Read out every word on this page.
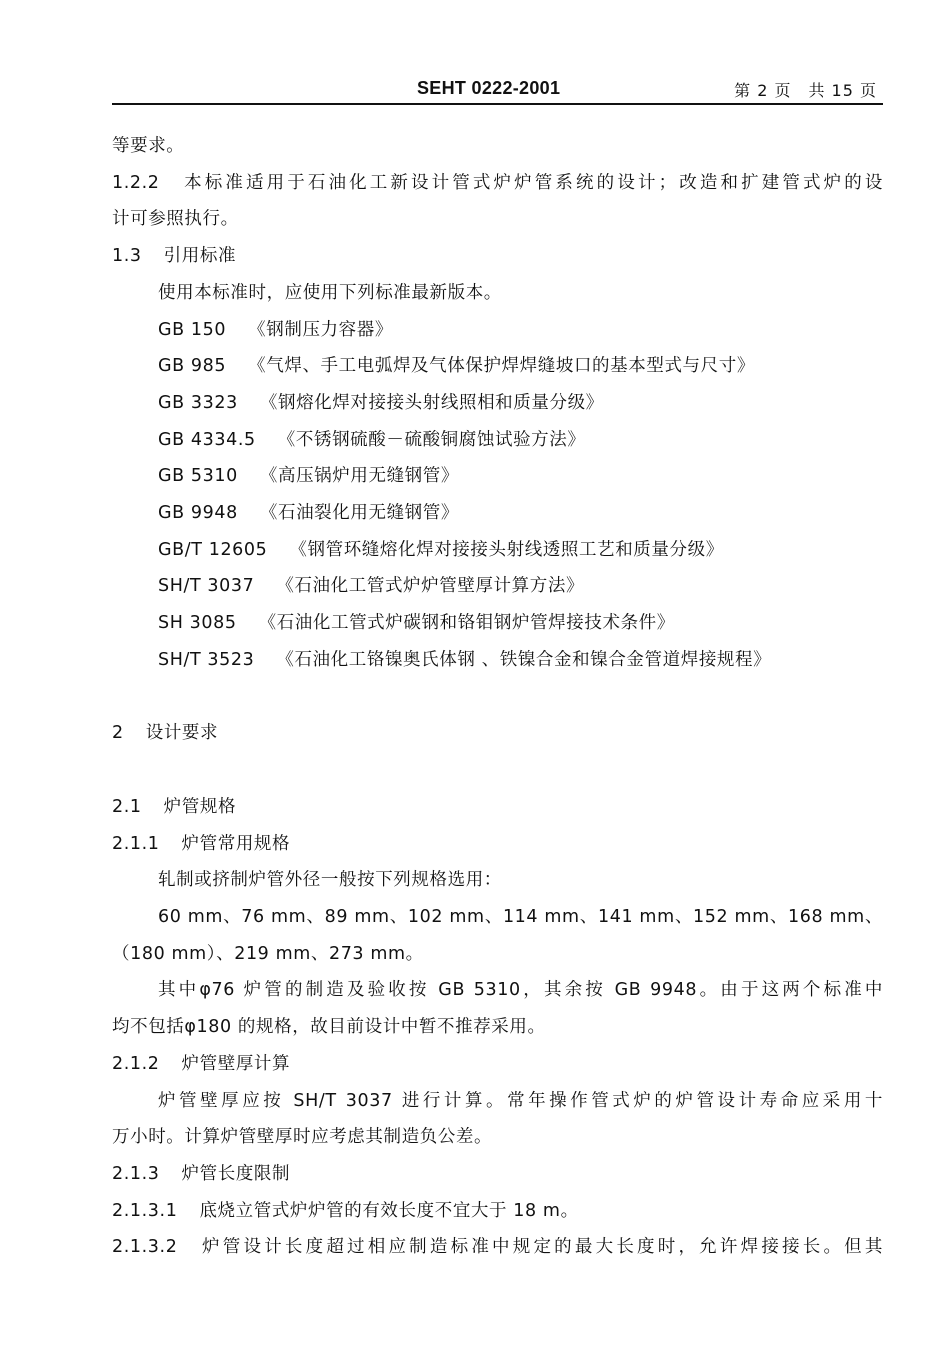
SEHT 0222-2001	第 2 页　共 15 页
等要求。
1.2.2 本标准适用于石油化工新设计管式炉炉管系统的设计；改造和扩建管式炉的设
计可参照执行。
1.3 引用标准
使用本标准时，应使用下列标准最新版本。
GB 150 《钢制压力容器》
GB 985 《气焊、手工电弧焊及气体保护焊焊缝坡口的基本型式与尺寸》
GB 3323 《钢熔化焊对接接头射线照相和质量分级》
GB 4334.5 《不锈钢硫酸－硫酸铜腐蚀试验方法》
GB 5310 《高压锅炉用无缝钢管》
GB 9948 《石油裂化用无缝钢管》
GB/T 12605 《钢管环缝熔化焊对接接头射线透照工艺和质量分级》
SH/T 3037 《石油化工管式炉炉管壁厚计算方法》
SH 3085 《石油化工管式炉碳钢和铬钼钢炉管焊接技术条件》
SH/T 3523 《石油化工铬镍奥氏体钢 、铁镍合金和镍合金管道焊接规程》
2 设计要求
2.1 炉管规格
2.1.1 炉管常用规格
轧制或挤制炉管外径一般按下列规格选用：
60 mm、76 mm、89 mm、102 mm、114 mm、141 mm、152 mm、168 mm、
（180 mm）、219 mm、273 mm。
其中φ76 炉管的制造及验收按 GB 5310，其余按 GB 9948。由于这两个标准中
均不包括φ180 的规格，故目前设计中暂不推荐采用。
2.1.2 炉管壁厚计算
炉管壁厚应按 SH/T 3037 进行计算。常年操作管式炉的炉管设计寿命应采用十
万小时。计算炉管壁厚时应考虑其制造负公差。
2.1.3 炉管长度限制
2.1.3.1 底烧立管式炉炉管的有效长度不宜大于 18 m。
2.1.3.2 炉管设计长度超过相应制造标准中规定的最大长度时，允许焊接接长。但其
